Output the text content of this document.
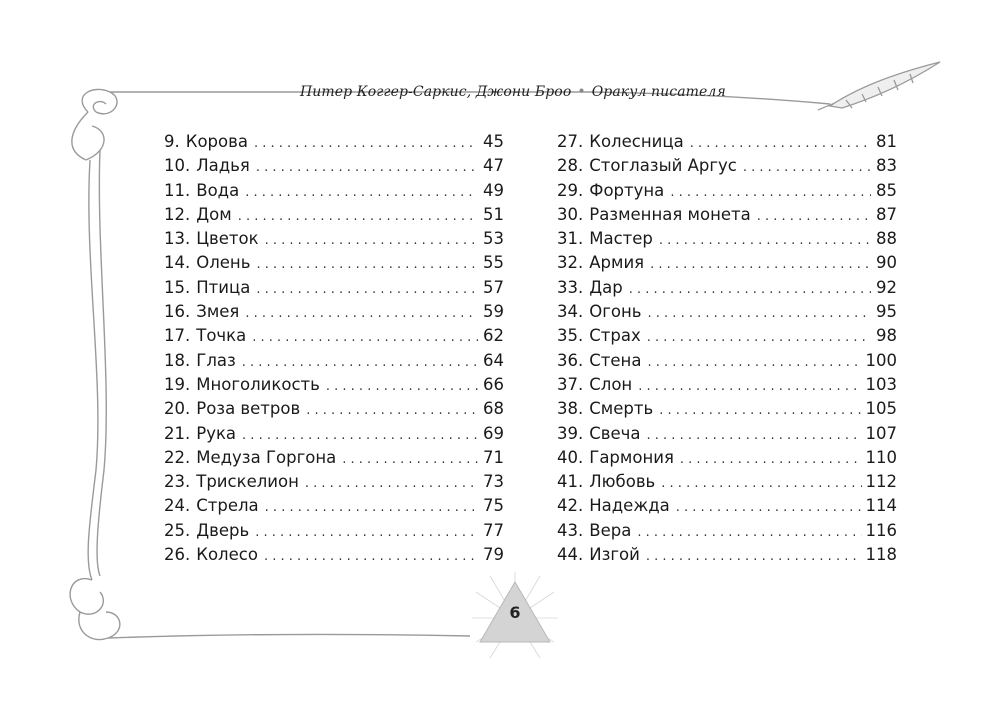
Питер Коггер-Саркис, Джони Броо • Оракул писателя
9. Корова . . .	45
10. Ладья . . .	47
11. Вода . . .	49
12. Дом . . .	51
13. Цветок . . .	53
14. Олень . . .	55
15. Птица . . .	57
16. Змея . . .	59
17. Точка . . .	62
18. Глаз . . .	64
19. Многоликость . . .	66
20. Роза ветров . . .	68
21. Рука . . .	69
22. Медуза Горгона . . .	71
23. Трискелион . . .	73
24. Стрела . . .	75
25. Дверь . . .	77
26. Колесо . . .	79
27. Колесница . . .	81
28. Стоглазый Аргус . . .	83
29. Фортуна . . .	85
30. Разменная монета . . .	87
31. Мастер . . .	88
32. Армия . . .	90
33. Дар . . .	92
34. Огонь . . .	95
35. Страх . . .	98
36. Стена . . .	100
37. Слон . . .	103
38. Смерть . . .	105
39. Свеча . . .	107
40. Гармония . . .	110
41. Любовь . . .	112
42. Надежда . . .	114
43. Вера . . .	116
44. Изгой . . .	118
6
